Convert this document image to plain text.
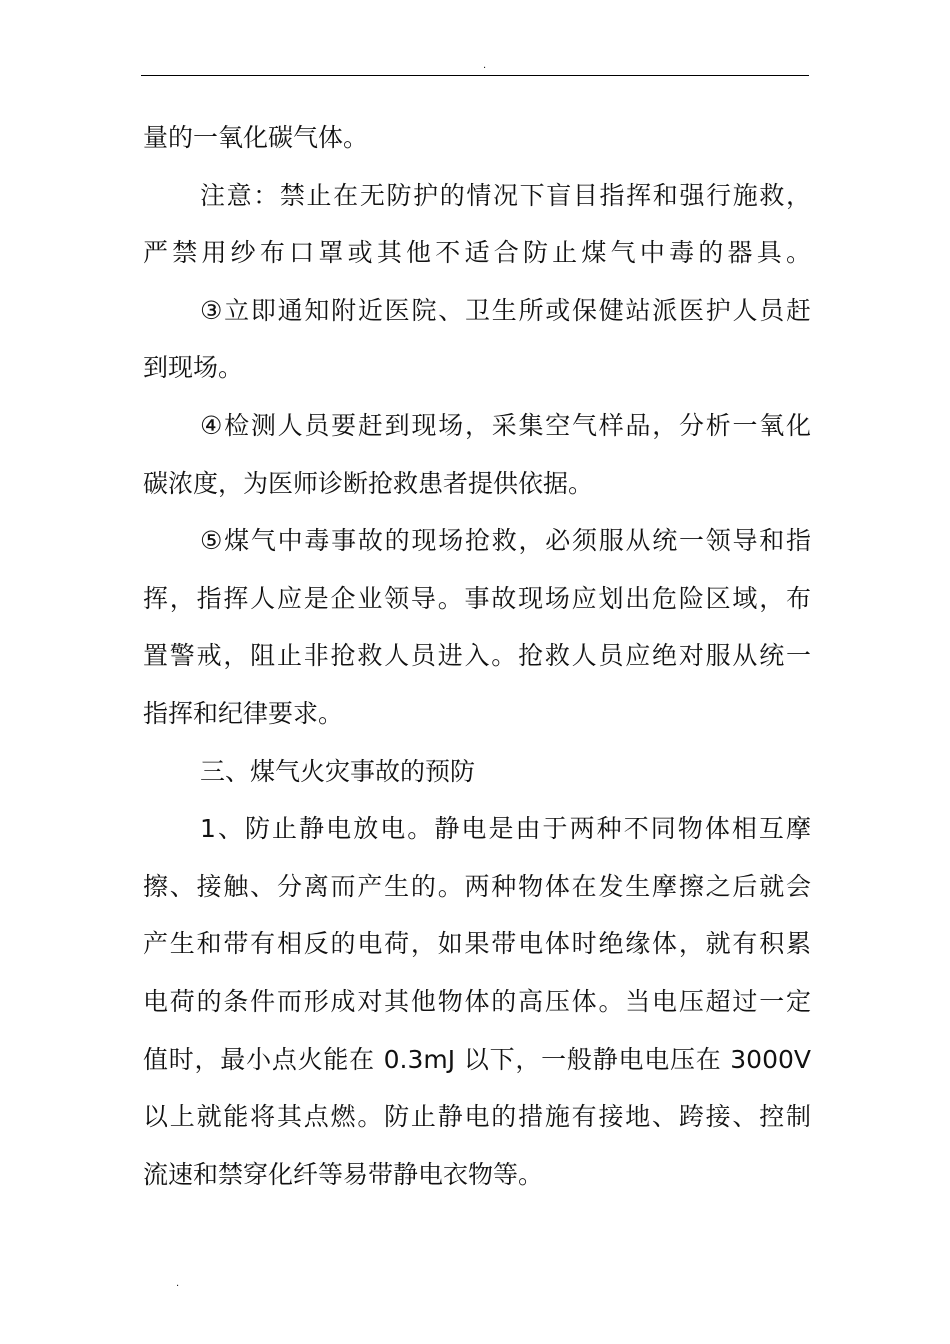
.
量的一氧化碳气体。
注意：禁止在无防护的情况下盲目指挥和强行施救，
严禁用纱布口罩或其他不适合防止煤气中毒的器具。
③立即通知附近医院、卫生所或保健站派医护人员赶
到现场。
④检测人员要赶到现场，采集空气样品，分析一氧化
碳浓度，为医师诊断抢救患者提供依据。
⑤煤气中毒事故的现场抢救，必须服从统一领导和指
挥，指挥人应是企业领导。事故现场应划出危险区域，布
置警戒，阻止非抢救人员进入。抢救人员应绝对服从统一
指挥和纪律要求。
三、煤气火灾事故的预防
1、防止静电放电。静电是由于两种不同物体相互摩
擦、接触、分离而产生的。两种物体在发生摩擦之后就会
产生和带有相反的电荷，如果带电体时绝缘体，就有积累
电荷的条件而形成对其他物体的高压体。当电压超过一定
值时，最小点火能在 0.3mJ 以下，一般静电电压在 3000V
以上就能将其点燃。防止静电的措施有接地、跨接、控制
流速和禁穿化纤等易带静电衣物等。
.
